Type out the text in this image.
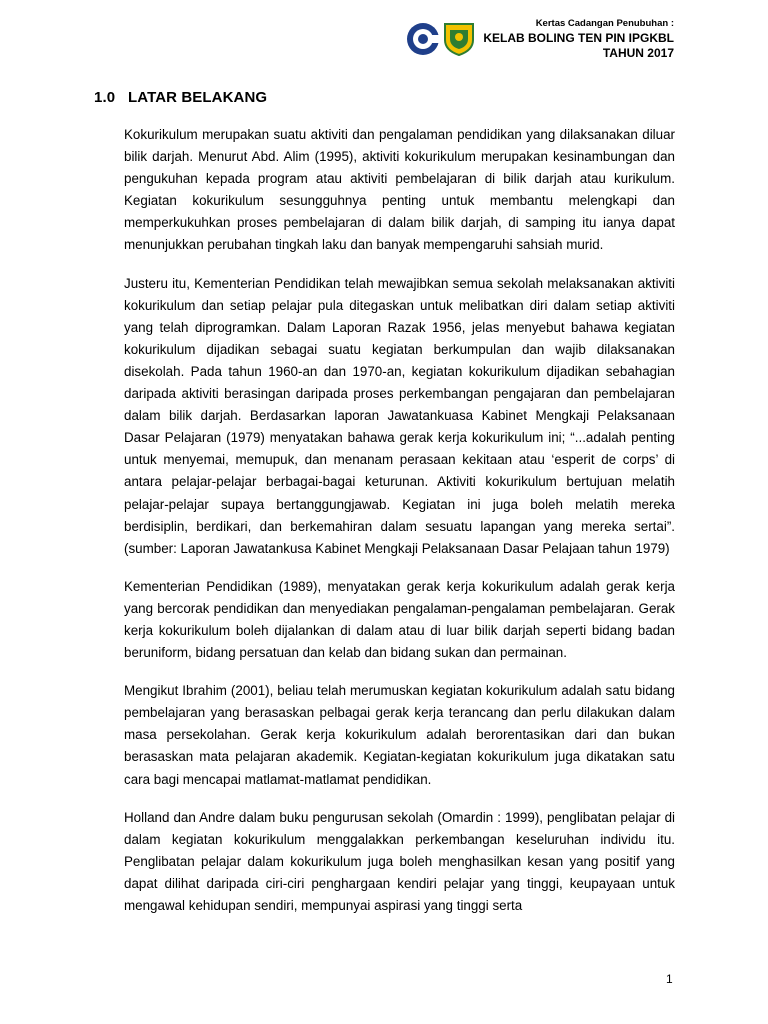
Kertas Cadangan Penubuhan :
KELAB BOLING TEN PIN IPGKBL
TAHUN 2017
1.0 LATAR BELAKANG

Kokurikulum merupakan suatu aktiviti dan pengalaman pendidikan yang dilaksanakan diluar bilik darjah. Menurut Abd. Alim (1995), aktiviti kokurikulum merupakan kesinambungan dan pengukuhan kepada program atau aktiviti pembelajaran di bilik darjah atau kurikulum. Kegiatan kokurikulum sesungguhnya penting untuk membantu melengkapi dan memperkukuhkan proses pembelajaran di dalam bilik darjah, di samping itu ianya dapat menunjukkan perubahan tingkah laku dan banyak mempengaruhi sahsiah murid.

Justeru itu, Kementerian Pendidikan telah mewajibkan semua sekolah melaksanakan aktiviti kokurikulum dan setiap pelajar pula ditegaskan untuk melibatkan diri dalam setiap aktiviti yang telah diprogramkan. Dalam Laporan Razak 1956, jelas menyebut bahawa kegiatan kokurikulum dijadikan sebagai suatu kegiatan berkumpulan dan wajib dilaksanakan disekolah. Pada tahun 1960-an dan 1970-an, kegiatan kokurikulum dijadikan sebahagian daripada aktiviti berasingan daripada proses perkembangan pengajaran dan pembelajaran dalam bilik darjah. Berdasarkan laporan Jawatankuasa Kabinet Mengkaji Pelaksanaan Dasar Pelajaran (1979) menyatakan bahawa gerak kerja kokurikulum ini; “...adalah penting untuk menyemai, memupuk, dan menanam perasaan kekitaan atau ‘esperit de corps’ di antara pelajar-pelajar berbagai-bagai keturunan. Aktiviti kokurikulum bertujuan melatih pelajar-pelajar supaya bertanggungjawab. Kegiatan ini juga boleh melatih mereka berdisiplin, berdikari, dan berkemahiran dalam sesuatu lapangan yang mereka sertai”. (sumber: Laporan Jawatankusa Kabinet Mengkaji Pelaksanaan Dasar Pelajaan tahun 1979)

Kementerian Pendidikan (1989), menyatakan gerak kerja kokurikulum adalah gerak kerja yang bercorak pendidikan dan menyediakan pengalaman-pengalaman pembelajaran. Gerak kerja kokurikulum boleh dijalankan di dalam atau di luar bilik darjah seperti bidang badan beruniform, bidang persatuan dan kelab dan bidang sukan dan permainan.

Mengikut Ibrahim (2001), beliau telah merumuskan kegiatan kokurikulum adalah satu bidang pembelajaran yang berasaskan pelbagai gerak kerja terancang dan perlu dilakukan dalam masa persekolahan. Gerak kerja kokurikulum adalah berorentasikan dari dan bukan berasaskan mata pelajaran akademik. Kegiatan-kegiatan kokurikulum juga dikatakan satu cara bagi mencapai matlamat-matlamat pendidikan.

Holland dan Andre dalam buku pengurusan sekolah (Omardin : 1999), penglibatan pelajar di dalam kegiatan kokurikulum menggalakkan perkembangan keseluruhan individu itu. Penglibatan pelajar dalam kokurikulum juga boleh menghasilkan kesan yang positif yang dapat dilihat daripada ciri-ciri penghargaan kendiri pelajar yang tinggi, keupayaan untuk mengawal kehidupan sendiri, mempunyai aspirasi yang tinggi serta

1
